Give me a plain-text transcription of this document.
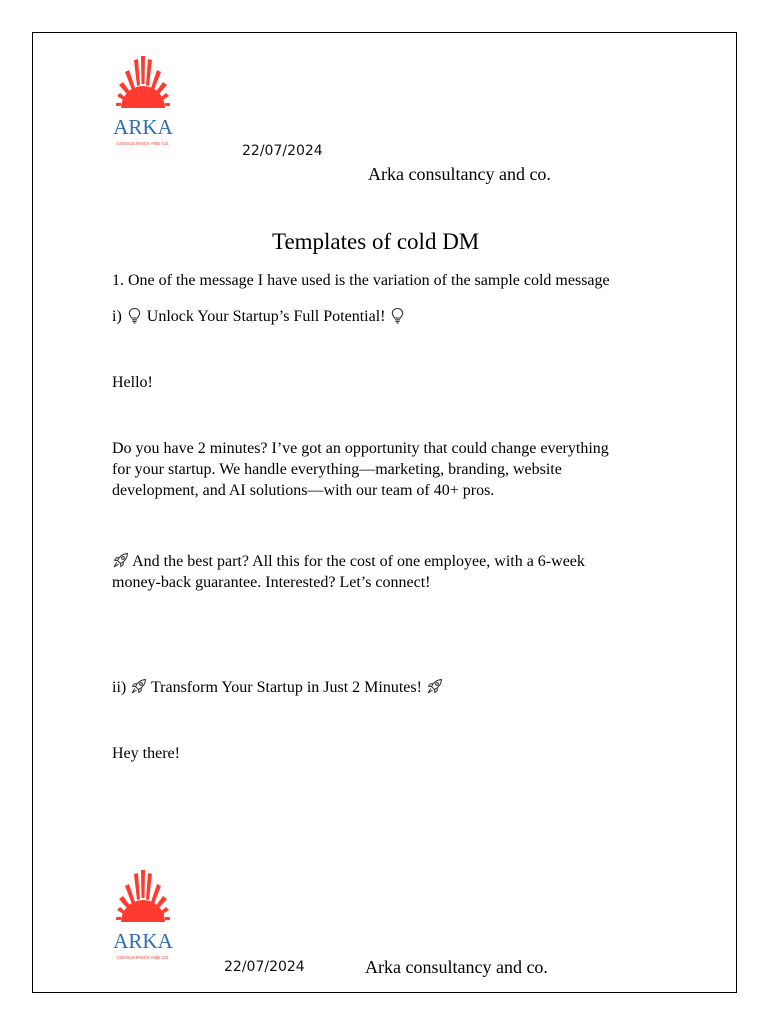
ARKA
CONSULTANCY AND CO.	22/07/2024
Arka consultancy and co.
Templates of cold DM
1. One of the message I have used is the variation of the sample cold message
i) Unlock Your Startup’s Full Potential!
Hello!
Do you have 2 minutes? I’ve got an opportunity that could change everything
for your startup. We handle everything—marketing, branding, website
development, and AI solutions—with our team of 40+ pros.
And the best part? All this for the cost of one employee, with a 6-week
money-back guarantee. Interested? Let’s connect!
ii) Transform Your Startup in Just 2 Minutes!
Hey there!
ARKA
CONSULTANCY AND CO.
22/07/2024	Arka consultancy and co.
